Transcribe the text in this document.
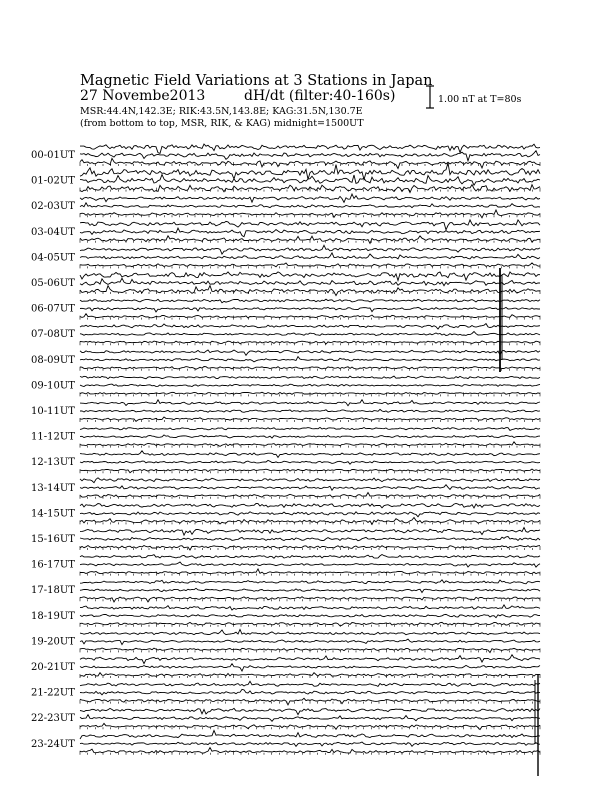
Magnetic Field Variations at 3 Stations in Japan
27 Novembe2013	dH/dt (filter:40-160s)
MSR:44.4N,142.3E; RIK:43.5N,143.8E; KAG:31.5N,130.7E
(from bottom to top, MSR, RIK, & KAG) midnight=1500UT
1.00 nT at T=80s
00-01UT
01-02UT
02-03UT
03-04UT
04-05UT
05-06UT
06-07UT
07-08UT
08-09UT
09-10UT
10-11UT
11-12UT
12-13UT
13-14UT
14-15UT
15-16UT
16-17UT
17-18UT
18-19UT
19-20UT
20-21UT
21-22UT
22-23UT
23-24UT
